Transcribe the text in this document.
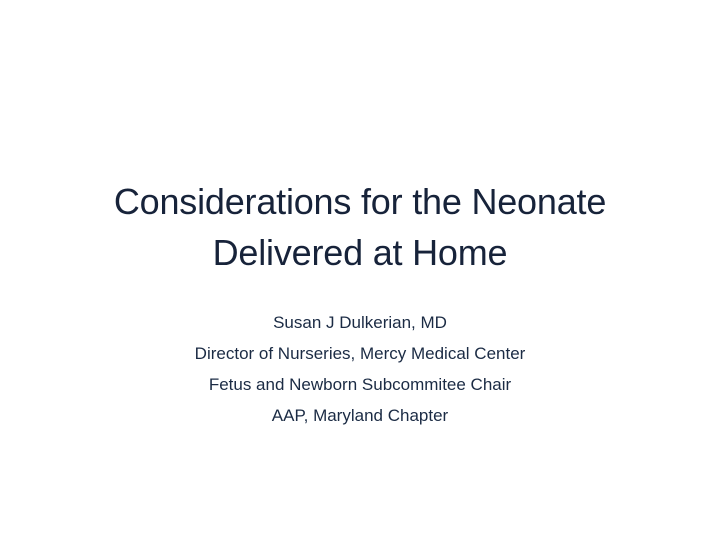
Considerations for the Neonate
Delivered at Home
Susan J Dulkerian, MD
Director of Nurseries, Mercy Medical Center
Fetus and Newborn Subcommitee Chair
AAP, Maryland Chapter
